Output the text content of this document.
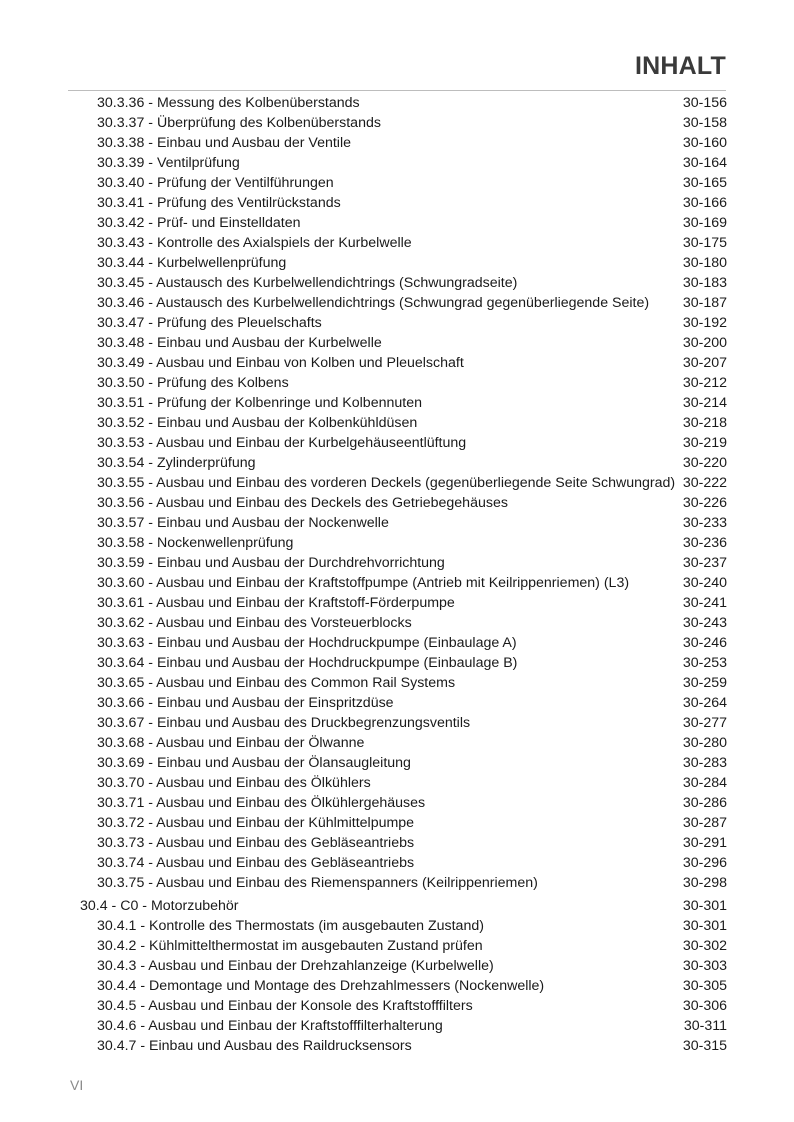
INHALT
30.3.36 - Messung des Kolbenüberstands	30-156
30.3.37 - Überprüfung des Kolbenüberstands	30-158
30.3.38 - Einbau und Ausbau der Ventile	30-160
30.3.39 - Ventilprüfung	30-164
30.3.40 - Prüfung der Ventilführungen	30-165
30.3.41 - Prüfung des Ventilrückstands	30-166
30.3.42 - Prüf- und Einstelldaten	30-169
30.3.43 - Kontrolle des Axialspiels der Kurbelwelle	30-175
30.3.44 - Kurbelwellenprüfung	30-180
30.3.45 - Austausch des Kurbelwellendichtrings (Schwungradseite)	30-183
30.3.46 - Austausch des Kurbelwellendichtrings (Schwungrad gegenüberliegende Seite)	30-187
30.3.47 - Prüfung des Pleuelschafts	30-192
30.3.48 - Einbau und Ausbau der Kurbelwelle	30-200
30.3.49 - Ausbau und Einbau von Kolben und Pleuelschaft	30-207
30.3.50 - Prüfung des Kolbens	30-212
30.3.51 - Prüfung der Kolbenringe und Kolbennuten	30-214
30.3.52 - Einbau und Ausbau der Kolbenkühldüsen	30-218
30.3.53 - Ausbau und Einbau der Kurbelgehäuseentlüftung	30-219
30.3.54 - Zylinderprüfung	30-220
30.3.55 - Ausbau und Einbau des vorderen Deckels (gegenüberliegende Seite Schwungrad) 30-222
30.3.56 - Ausbau und Einbau des Deckels des Getriebegehäuses	30-226
30.3.57 - Einbau und Ausbau der Nockenwelle	30-233
30.3.58 - Nockenwellenprüfung	30-236
30.3.59 - Einbau und Ausbau der Durchdrehvorrichtung	30-237
30.3.60 - Ausbau und Einbau der Kraftstoffpumpe (Antrieb mit Keilrippenriemen) (L3)	30-240
30.3.61 - Ausbau und Einbau der Kraftstoff-Förderpumpe	30-241
30.3.62 - Ausbau und Einbau des Vorsteuerblocks	30-243
30.3.63 - Einbau und Ausbau der Hochdruckpumpe (Einbaulage A)	30-246
30.3.64 - Einbau und Ausbau der Hochdruckpumpe (Einbaulage B)	30-253
30.3.65 - Ausbau und Einbau des Common Rail Systems	30-259
30.3.66 - Einbau und Ausbau der Einspritzdüse	30-264
30.3.67 - Einbau und Ausbau des Druckbegrenzungsventils	30-277
30.3.68 - Ausbau und Einbau der Ölwanne	30-280
30.3.69 - Einbau und Ausbau der Ölansaugleitung	30-283
30.3.70 - Ausbau und Einbau des Ölkühlers	30-284
30.3.71 - Ausbau und Einbau des Ölkühlergehäuses	30-286
30.3.72 - Ausbau und Einbau der Kühlmittelpumpe	30-287
30.3.73 - Ausbau und Einbau des Gebläseantriebs	30-291
30.3.74 - Ausbau und Einbau des Gebläseantriebs	30-296
30.3.75 - Ausbau und Einbau des Riemenspanners (Keilrippenriemen)	30-298
30.4 - C0 - Motorzubehör	30-301
30.4.1 - Kontrolle des Thermostats (im ausgebauten Zustand)	30-301
30.4.2 - Kühlmittelthermostat im ausgebauten Zustand prüfen	30-302
30.4.3 - Ausbau und Einbau der Drehzahlanzeige (Kurbelwelle)	30-303
30.4.4 - Demontage und Montage des Drehzahlmessers (Nockenwelle)	30-305
30.4.5 - Ausbau und Einbau der Konsole des Kraftstofffilters	30-306
30.4.6 - Ausbau und Einbau der Kraftstofffilterhalterung	30-311
30.4.7 - Einbau und Ausbau des Raildrucksensors	30-315
VI
